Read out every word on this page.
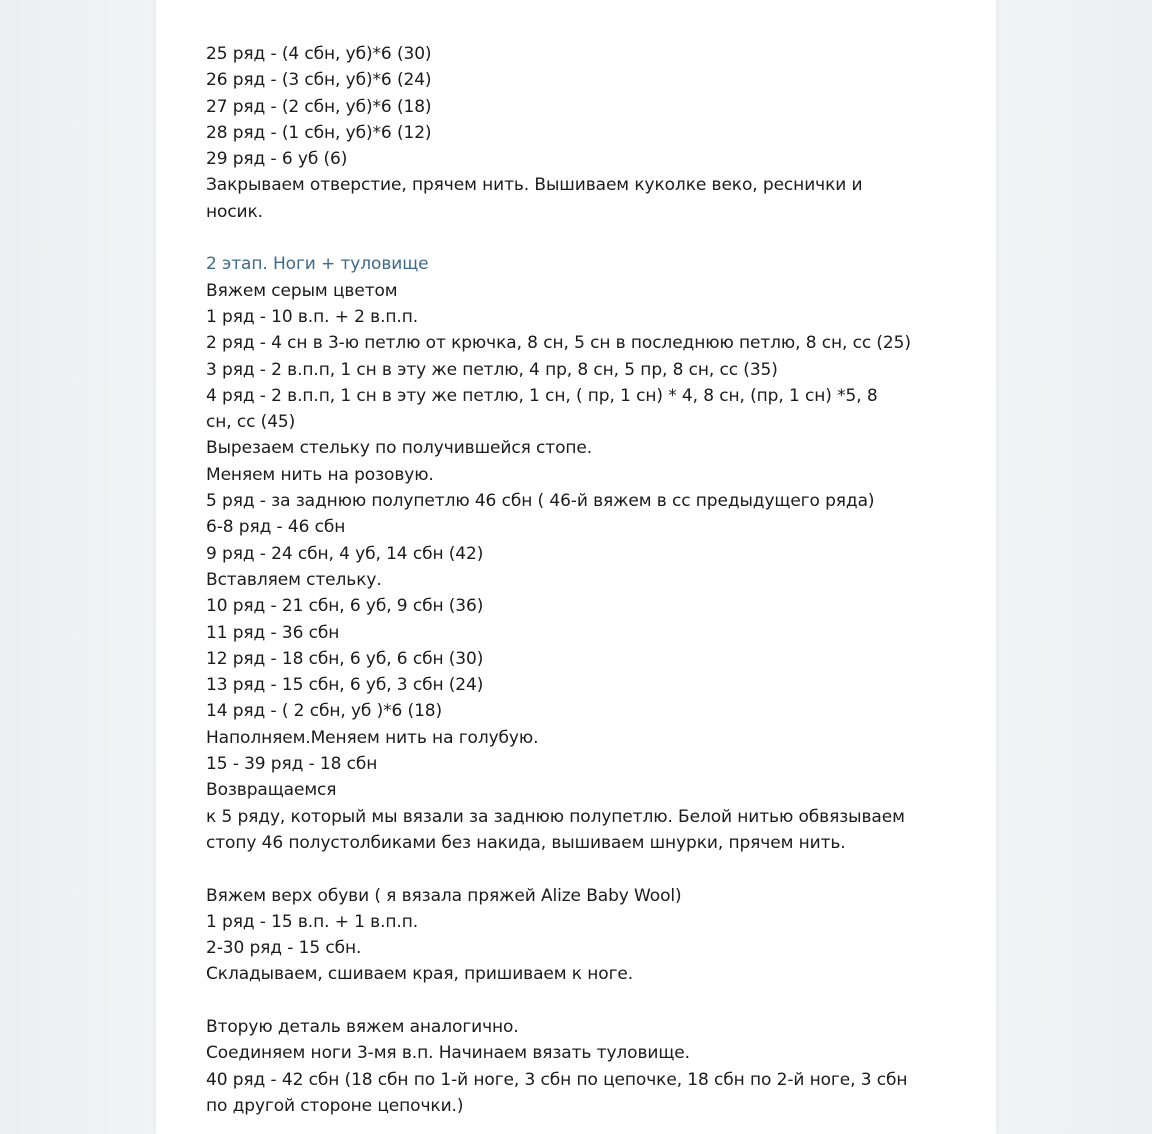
25 ряд - (4 сбн, уб)*6 (30)
26 ряд - (3 сбн, уб)*6 (24)
27 ряд - (2 сбн, уб)*6 (18)
28 ряд - (1 сбн, уб)*6 (12)
29 ряд - 6 уб (6)
Закрываем отверстие, прячем нить. Вышиваем куколке веко, реснички и
носик.
2 этап. Ноги + туловище
Вяжем серым цветом
1 ряд - 10 в.п. + 2 в.п.п.
2 ряд - 4 сн в 3-ю петлю от крючка, 8 сн, 5 сн в последнюю петлю, 8 сн, сс (25)
3 ряд - 2 в.п.п, 1 сн в эту же петлю, 4 пр, 8 сн, 5 пр, 8 сн, сс (35)
4 ряд - 2 в.п.п, 1 сн в эту же петлю, 1 сн, ( пр, 1 сн) * 4, 8 сн, (пр, 1 сн) *5, 8
сн, сс (45)
Вырезаем стельку по получившейся стопе.
Меняем нить на розовую.
5 ряд - за заднюю полупетлю 46 сбн ( 46-й вяжем в сс предыдущего ряда)
6-8 ряд - 46 сбн
9 ряд - 24 сбн, 4 уб, 14 сбн (42)
Вставляем стельку.
10 ряд - 21 сбн, 6 уб, 9 сбн (36)
11 ряд - 36 сбн
12 ряд - 18 сбн, 6 уб, 6 сбн (30)
13 ряд - 15 сбн, 6 уб, 3 сбн (24)
14 ряд - ( 2 сбн, уб )*6 (18)
Наполняем.Меняем нить на голубую.
15 - 39 ряд - 18 сбн
Возвращаемся
к 5 ряду, который мы вязали за заднюю полупетлю. Белой нитью обвязываем
стопу 46 полустолбиками без накида, вышиваем шнурки, прячем нить.
Вяжем верх обуви ( я вязала пряжей Alize Baby Wool)
1 ряд - 15 в.п. + 1 в.п.п.
2-30 ряд - 15 сбн.
Складываем, сшиваем края, пришиваем к ноге.
Вторую деталь вяжем аналогично.
Соединяем ноги 3-мя в.п. Начинаем вязать туловище.
40 ряд - 42 сбн (18 сбн по 1-й ноге, 3 сбн по цепочке, 18 сбн по 2-й ноге, 3 сбн
по другой стороне цепочки.)
